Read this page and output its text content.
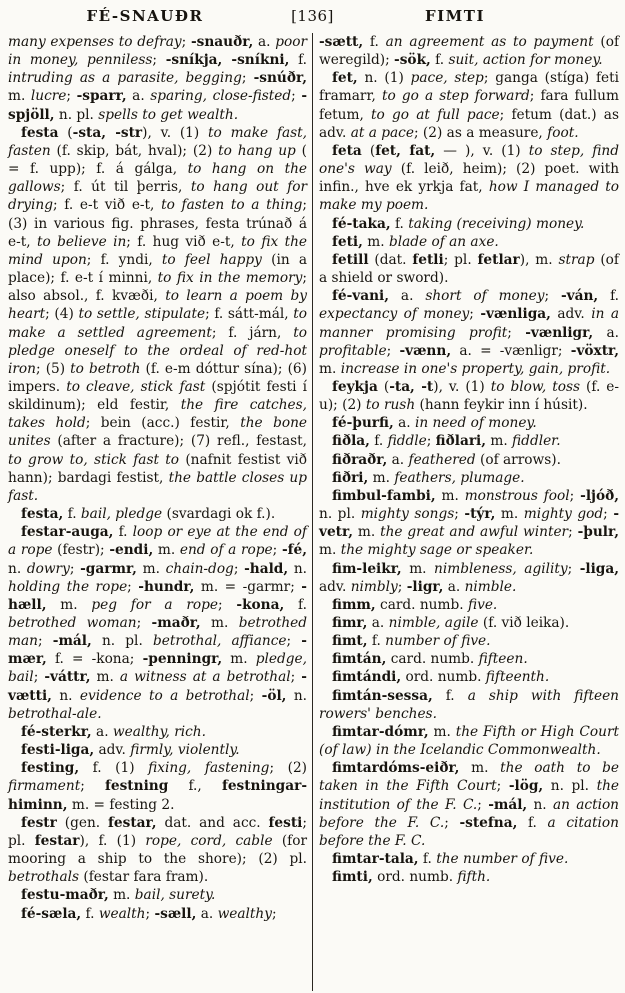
FÉ-SNAUÐR	[136]	FIMTI

many expenses to defray; -snauðr, a. poor in money, penniless; -sníkja, -sníkni, f. intruding as a parasite, begging; -snúðr, m. lucre; -sparr, a. sparing, close-fisted; -spjöll, n. pl. spells to get wealth.

festa (-sta, -str), v. (1) to make fast, fasten (f. skip, bát, hval); (2) to hang up ( = f. upp); f. á gálga, to hang on the gallows; f. út til þerris, to hang out for drying; f. e-t við e-t, to fasten to a thing; (3) in various fig. phrases, festa trúnað á e-t, to believe in; f. hug við e-t, to fix the mind upon; f. yndi, to feel happy (in a place); f. e-t í minni, to fix in the memory; also absol., f. kvæði, to learn a poem by heart; (4) to settle, stipulate; f. sátt-mál, to make a settled agreement; f. járn, to pledge oneself to the ordeal of red-hot iron; (5) to betroth (f. e-m dóttur sína); (6) impers. to cleave, stick fast (spjótit festi í skildinum); eld festir, the fire catches, takes hold; bein (acc.) festir, the bone unites (after a fracture); (7) refl., festast, to grow to, stick fast to (nafnit festist við hann); bardagi festist, the battle closes up fast.

festa, f. bail, pledge (svardagi ok f.).

festar-auga, f. loop or eye at the end of a rope (festr); -endi, m. end of a rope; -fé, n. dowry; -garmr, m. chain-dog; -hald, n. holding the rope; -hundr, m. = -garmr; -hæll, m. peg for a rope; -kona, f. betrothed woman; -maðr, m. betrothed man; -mál, n. pl. betrothal, affiance; -mær, f. = -kona; -penningr, m. pledge, bail; -váttr, m. a witness at a betrothal; -vætti, n. evidence to a betrothal; -öl, n. betrothal-ale.

fé-sterkr, a. wealthy, rich.

festi-liga, adv. firmly, violently.

festing, f. (1) fixing, fastening; (2) firmament; festning f., festningar-himinn, m. = festing 2.

festr (gen. festar, dat. and acc. festi; pl. festar), f. (1) rope, cord, cable (for mooring a ship to the shore); (2) pl. betrothals (festar fara fram).

festu-maðr, m. bail, surety.

fé-sæla, f. wealth; -sæll, a. wealthy;

-sætt, f. an agreement as to payment (of weregild); -sök, f. suit, action for money.

fet, n. (1) pace, step; ganga (stíga) feti framarr, to go a step forward; fara fullum fetum, to go at full pace; fetum (dat.) as adv. at a pace; (2) as a measure, foot.

feta (fet, fat, — ), v. (1) to step, find one's way (f. leið, heim); (2) poet. with infin., hve ek yrkja fat, how I managed to make my poem.

fé-taka, f. taking (receiving) money.

feti, m. blade of an axe.

fetill (dat. fetli; pl. fetlar), m. strap (of a shield or sword).

fé-vani, a. short of money; -ván, f. expectancy of money; -vænliga, adv. in a manner promising profit; -vænligr, a. profitable; -vænn, a. = -vænligr; -vöxtr, m. increase in one's property, gain, profit.

feykja (-ta, -t), v. (1) to blow, toss (f. e-u); (2) to rush (hann feykir inn í húsit).

fé-þurfi, a. in need of money.

fiðla, f. fiddle; fiðlari, m. fiddler.

fiðraðr, a. feathered (of arrows).

fiðri, m. feathers, plumage.

fimbul-fambi, m. monstrous fool; -ljóð, n. pl. mighty songs; -týr, m. mighty god; -vetr, m. the great and awful winter; -þulr, m. the mighty sage or speaker.

fim-leikr, m. nimbleness, agility; -liga, adv. nimbly; -ligr, a. nimble.

fimm, card. numb. five.

fimr, a. nimble, agile (f. við leika).

fimt, f. number of five.

fimtán, card. numb. fifteen.

fimtándi, ord. numb. fifteenth.

fimtán-sessa, f. a ship with fifteen rowers' benches.

fimtar-dómr, m. the Fifth or High Court (of law) in the Icelandic Commonwealth.

fimtardóms-eiðr, m. the oath to be taken in the Fifth Court; -lög, n. pl. the institution of the F. C.; -mál, n. an action before the F. C.; -stefna, f. a citation before the F. C.

fimtar-tala, f. the number of five.

fimti, ord. numb. fifth.
